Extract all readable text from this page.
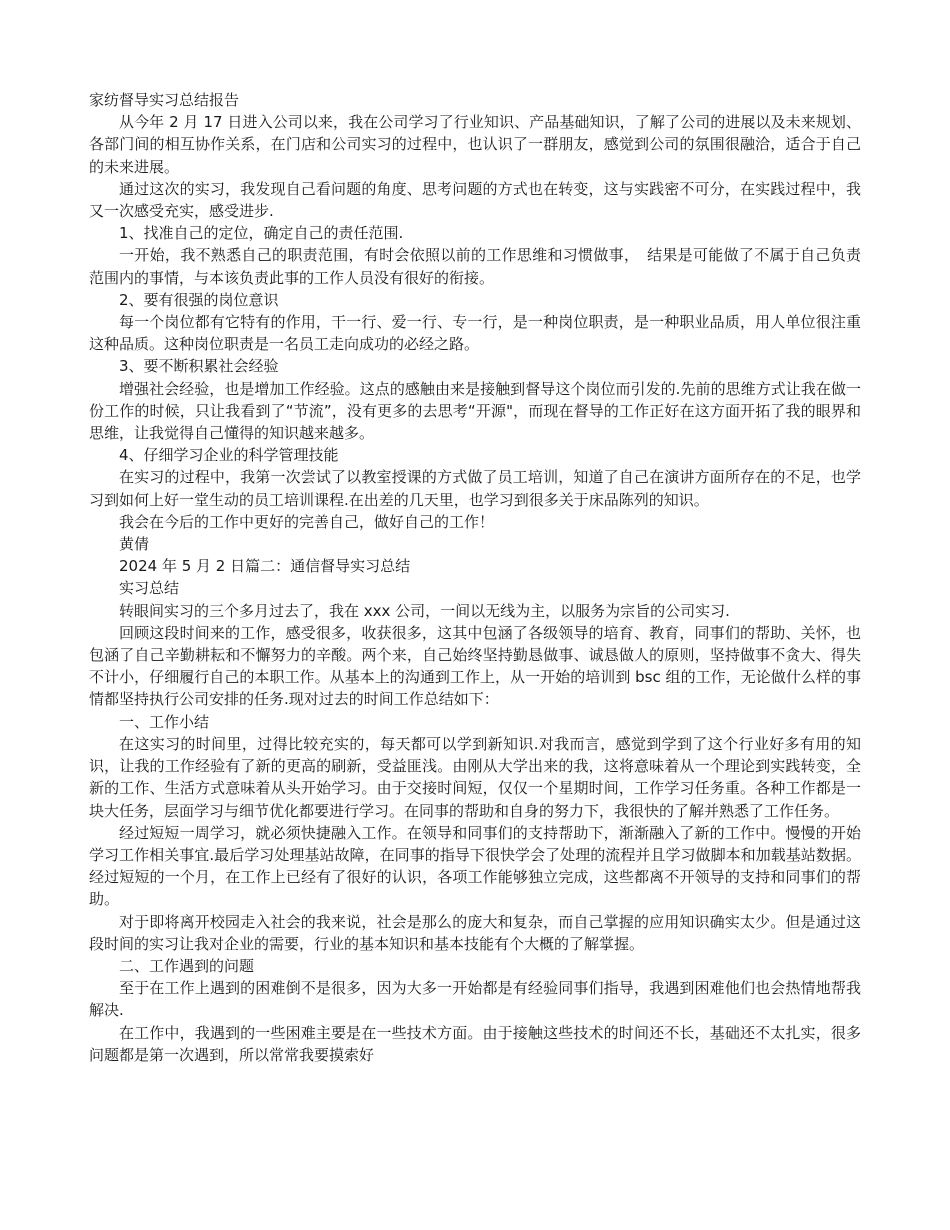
家纺督导实习总结报告

从今年 2 月 17 日进入公司以来，我在公司学习了行业知识、产品基础知识，了解了公司的进展以及未来规划、各部门间的相互协作关系，在门店和公司实习的过程中，也认识了一群朋友，感觉到公司的氛围很融洽，适合于自己的未来进展。

通过这次的实习，我发现自己看问题的角度、思考问题的方式也在转变，这与实践密不可分，在实践过程中，我又一次感受充实，感受进步.

1、找准自己的定位，确定自己的责任范围.

一开始，我不熟悉自己的职责范围，有时会依照以前的工作思维和习惯做事，　结果是可能做了不属于自己负责范围内的事情，与本该负责此事的工作人员没有很好的衔接。

2、要有很强的岗位意识

每一个岗位都有它特有的作用，干一行、爱一行、专一行，是一种岗位职责，是一种职业品质，用人单位很注重这种品质。这种岗位职责是一名员工走向成功的必经之路。

3、要不断积累社会经验

增强社会经验，也是增加工作经验。这点的感触由来是接触到督导这个岗位而引发的.先前的思维方式让我在做一份工作的时候，只让我看到了“节流”，没有更多的去思考“开源"，而现在督导的工作正好在这方面开拓了我的眼界和思维，让我觉得自己懂得的知识越来越多。

4、仔细学习企业的科学管理技能

在实习的过程中，我第一次尝试了以教室授课的方式做了员工培训，知道了自己在演讲方面所存在的不足，也学习到如何上好一堂生动的员工培训课程.在出差的几天里，也学习到很多关于床品陈列的知识。

我会在今后的工作中更好的完善自己，做好自己的工作！

黄倩

2024 年 5 月 2 日篇二：通信督导实习总结

实习总结

转眼间实习的三个多月过去了，我在 xxx 公司，一间以无线为主，以服务为宗旨的公司实习.

回顾这段时间来的工作，感受很多，收获很多，这其中包涵了各级领导的培育、教育，同事们的帮助、关怀，也包涵了自己辛勤耕耘和不懈努力的辛酸。两个来，自己始终坚持勤恳做事、诚恳做人的原则，坚持做事不贪大、得失不计小，仔细履行自己的本职工作。从基本上的沟通到工作上，从一开始的培训到 bsc 组的工作，无论做什么样的事情都坚持执行公司安排的任务.现对过去的时间工作总结如下：

一、工作小结

在这实习的时间里，过得比较充实的，每天都可以学到新知识.对我而言，感觉到学到了这个行业好多有用的知识，让我的工作经验有了新的更高的刷新，受益匪浅。由刚从大学出来的我，这将意味着从一个理论到实践转变，全新的工作、生活方式意味着从头开始学习。由于交接时间短，仅仅一个星期时间，工作学习任务重。各种工作都是一块大任务，层面学习与细节优化都要进行学习。在同事的帮助和自身的努力下，我很快的了解并熟悉了工作任务。

经过短短一周学习，就必须快捷融入工作。在领导和同事们的支持帮助下，渐渐融入了新的工作中。慢慢的开始学习工作相关事宜.最后学习处理基站故障，在同事的指导下很快学会了处理的流程并且学习做脚本和加载基站数据。经过短短的一个月，在工作上已经有了很好的认识，各项工作能够独立完成，这些都离不开领导的支持和同事们的帮助。

对于即将离开校园走入社会的我来说，社会是那么的庞大和复杂，而自己掌握的应用知识确实太少。但是通过这段时间的实习让我对企业的需要，行业的基本知识和基本技能有个大概的了解掌握。

二、工作遇到的问题

至于在工作上遇到的困难倒不是很多，因为大多一开始都是有经验同事们指导，我遇到困难他们也会热情地帮我解决.

在工作中，我遇到的一些困难主要是在一些技术方面。由于接触这些技术的时间还不长，基础还不太扎实，很多问题都是第一次遇到，所以常常我要摸索好
